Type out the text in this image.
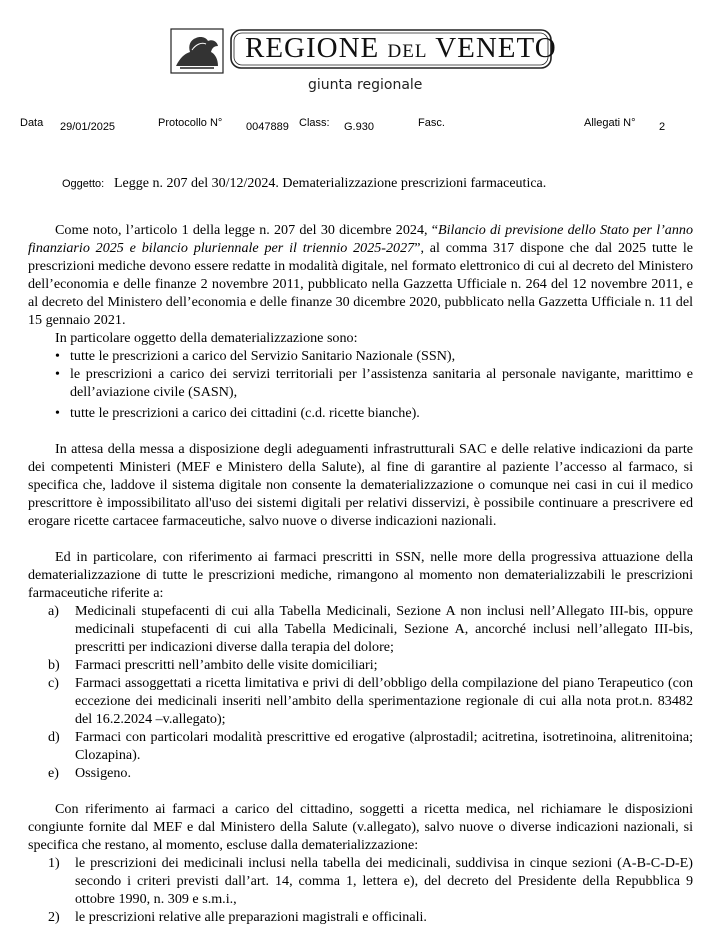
REGIONE DEL VENETO
giunta regionale
Data 29/01/2025	Protocollo N° 0047889 Class: G.930	Fasc.	Allegati N° 2
Oggetto: Legge n. 207 del 30/12/2024. Dematerializzazione prescrizioni farmaceutica.

Come noto, l’articolo 1 della legge n. 207 del 30 dicembre 2024, “Bilancio di previsione dello Stato per l’anno finanziario 2025 e bilancio pluriennale per il triennio 2025-2027”, al comma 317 dispone che dal 2025 tutte le prescrizioni mediche devono essere redatte in modalità digitale, nel formato elettronico di cui al decreto del Ministero dell’economia e delle finanze 2 novembre 2011, pubblicato nella Gazzetta Ufficiale n. 264 del 12 novembre 2011, e al decreto del Ministero dell’economia e delle finanze 30 dicembre 2020, pubblicato nella Gazzetta Ufficiale n. 11 del 15 gennaio 2021.

In particolare oggetto della dematerializzazione sono:

• tutte le prescrizioni a carico del Servizio Sanitario Nazionale (SSN),
• le prescrizioni a carico dei servizi territoriali per l’assistenza sanitaria al personale navigante, marittimo e dell’aviazione civile (SASN),
• tutte le prescrizioni a carico dei cittadini (c.d. ricette bianche).

In attesa della messa a disposizione degli adeguamenti infrastrutturali SAC e delle relative indicazioni da parte dei competenti Ministeri (MEF e Ministero della Salute), al fine di garantire al paziente l’accesso al farmaco, si specifica che, laddove il sistema digitale non consente la dematerializzazione o comunque nei casi in cui il medico prescrittore è impossibilitato all'uso dei sistemi digitali per relativi disservizi, è possibile continuare a prescrivere ed erogare ricette cartacee farmaceutiche, salvo nuove o diverse indicazioni nazionali.

Ed in particolare, con riferimento ai farmaci prescritti in SSN, nelle more della progressiva attuazione della dematerializzazione di tutte le prescrizioni mediche, rimangono al momento non dematerializzabili le prescrizioni farmaceutiche riferite a:

a) Medicinali stupefacenti di cui alla Tabella Medicinali, Sezione A non inclusi nell’Allegato III-bis, oppure medicinali stupefacenti di cui alla Tabella Medicinali, Sezione A, ancorché inclusi nell’allegato III-bis, prescritti per indicazioni diverse dalla terapia del dolore;
b) Farmaci prescritti nell’ambito delle visite domiciliari;
c) Farmaci assoggettati a ricetta limitativa e privi di dell’obbligo della compilazione del piano Terapeutico (con eccezione dei medicinali inseriti nell’ambito della sperimentazione regionale di cui alla nota prot.n. 83482 del 16.2.2024 –v.allegato);
d) Farmaci con particolari modalità prescrittive ed erogative (alprostadil; acitretina, isotretinoina, alitrenitoina; Clozapina).
e) Ossigeno.

Con riferimento ai farmaci a carico del cittadino, soggetti a ricetta medica, nel richiamare le disposizioni congiunte fornite dal MEF e dal Ministero della Salute (v.allegato), salvo nuove o diverse indicazioni nazionali, si specifica che restano, al momento, escluse dalla dematerializzazione:

1) le prescrizioni dei medicinali inclusi nella tabella dei medicinali, suddivisa in cinque sezioni (A-B-C-D-E) secondo i criteri previsti dall’art. 14, comma 1, lettera e), del decreto del Presidente della Repubblica 9 ottobre 1990, n. 309 e s.m.i.,
2) le prescrizioni relative alle preparazioni magistrali e officinali.
